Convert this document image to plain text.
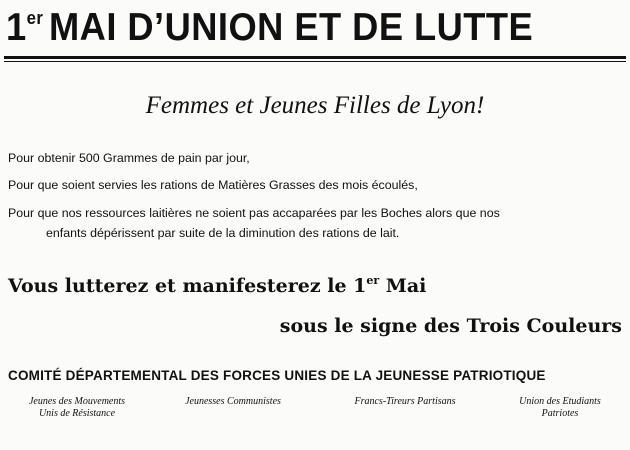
1er MAI D’UNION ET DE LUTTE
Femmes et Jeunes Filles de Lyon!
Pour obtenir 500 Grammes de pain par jour,
Pour que soient servies les rations de Matières Grasses des mois écoulés,
Pour que nos ressources laitières ne soient pas accaparées par les Boches alors que nos
enfants dépérissent par suite de la diminution des rations de lait.
Vous lutterez et manifesterez le 1er Mai
sous le signe des Trois Couleurs
COMITÉ DÉPARTEMENTAL DES FORCES UNIES DE LA JEUNESSE PATRIOTIQUE
Jeunes des Mouvements
Unis de Résistance
Jeunesses Communistes	Francs-Tireurs Partisans	Union des Etudiants
Patriotes
